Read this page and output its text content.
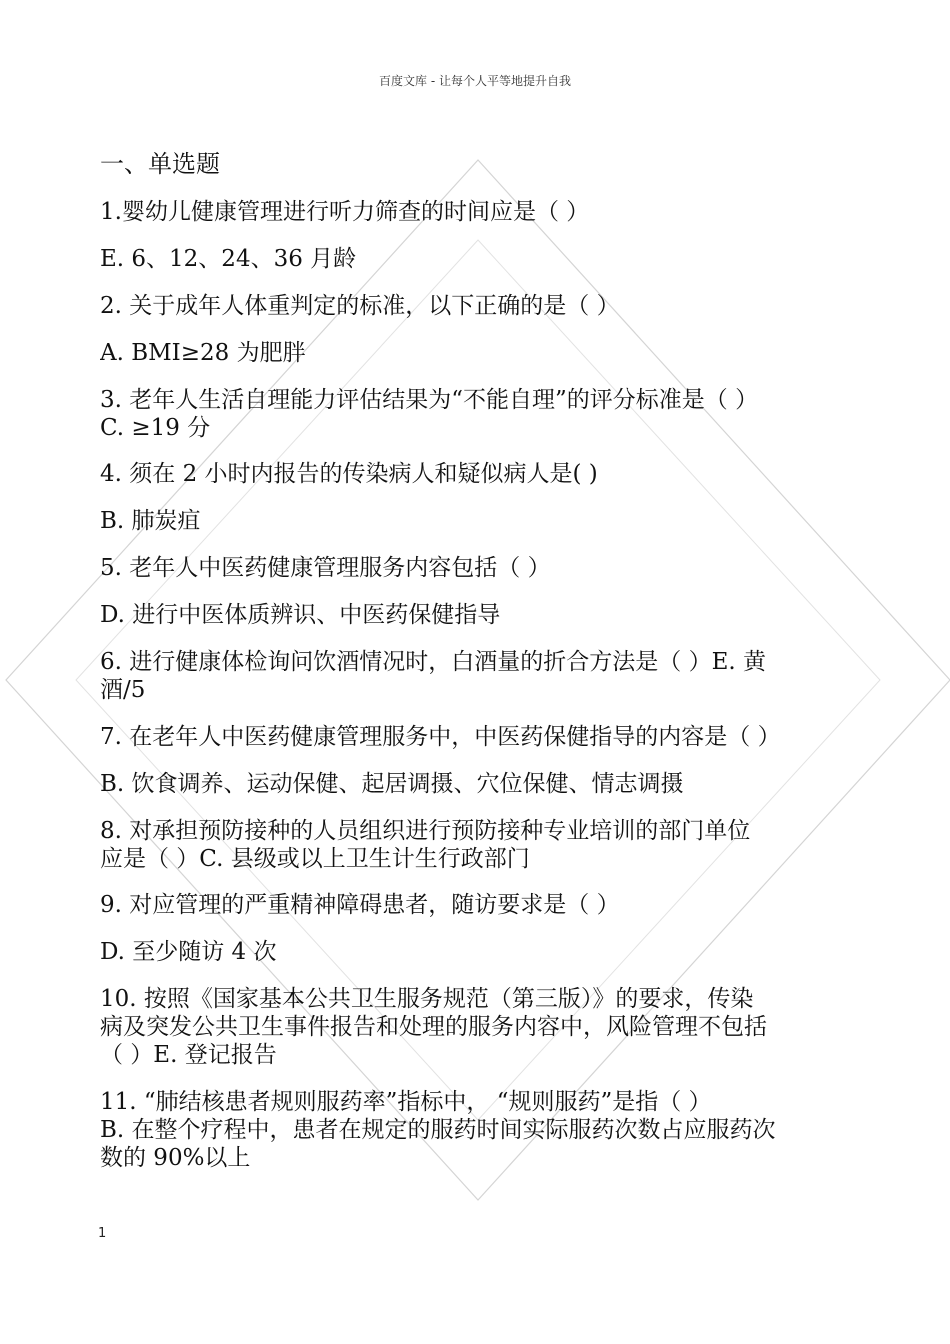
百度文库 - 让每个人平等地提升自我
一、单选题
1.婴幼儿健康管理进行听力筛查的时间应是（ ）
E. 6、12、24、36 月龄
2. 关于成年人体重判定的标准，以下正确的是（ ）
A. BMI≥28 为肥胖
3. 老年人生活自理能力评估结果为“不能自理”的评分标准是（ ）
C. ≥19 分
4. 须在 2 小时内报告的传染病人和疑似病人是( )
B. 肺炭疽
5. 老年人中医药健康管理服务内容包括（ ）
D. 进行中医体质辨识、中医药保健指导
6. 进行健康体检询问饮酒情况时，白酒量的折合方法是（ ）E. 黄
酒/5
7. 在老年人中医药健康管理服务中，中医药保健指导的内容是（ ）
B. 饮食调养、运动保健、起居调摄、穴位保健、情志调摄
8. 对承担预防接种的人员组织进行预防接种专业培训的部门单位
应是（ ）C. 县级或以上卫生计生行政部门
9. 对应管理的严重精神障碍患者，随访要求是（ ）
D. 至少随访 4 次
10. 按照《国家基本公共卫生服务规范（第三版）》的要求，传染
病及突发公共卫生事件报告和处理的服务内容中，风险管理不包括
（ ）E. 登记报告
11. “肺结核患者规则服药率”指标中， “规则服药”是指（ ）
B. 在整个疗程中，患者在规定的服药时间实际服药次数占应服药次
数的 90%以上
1
